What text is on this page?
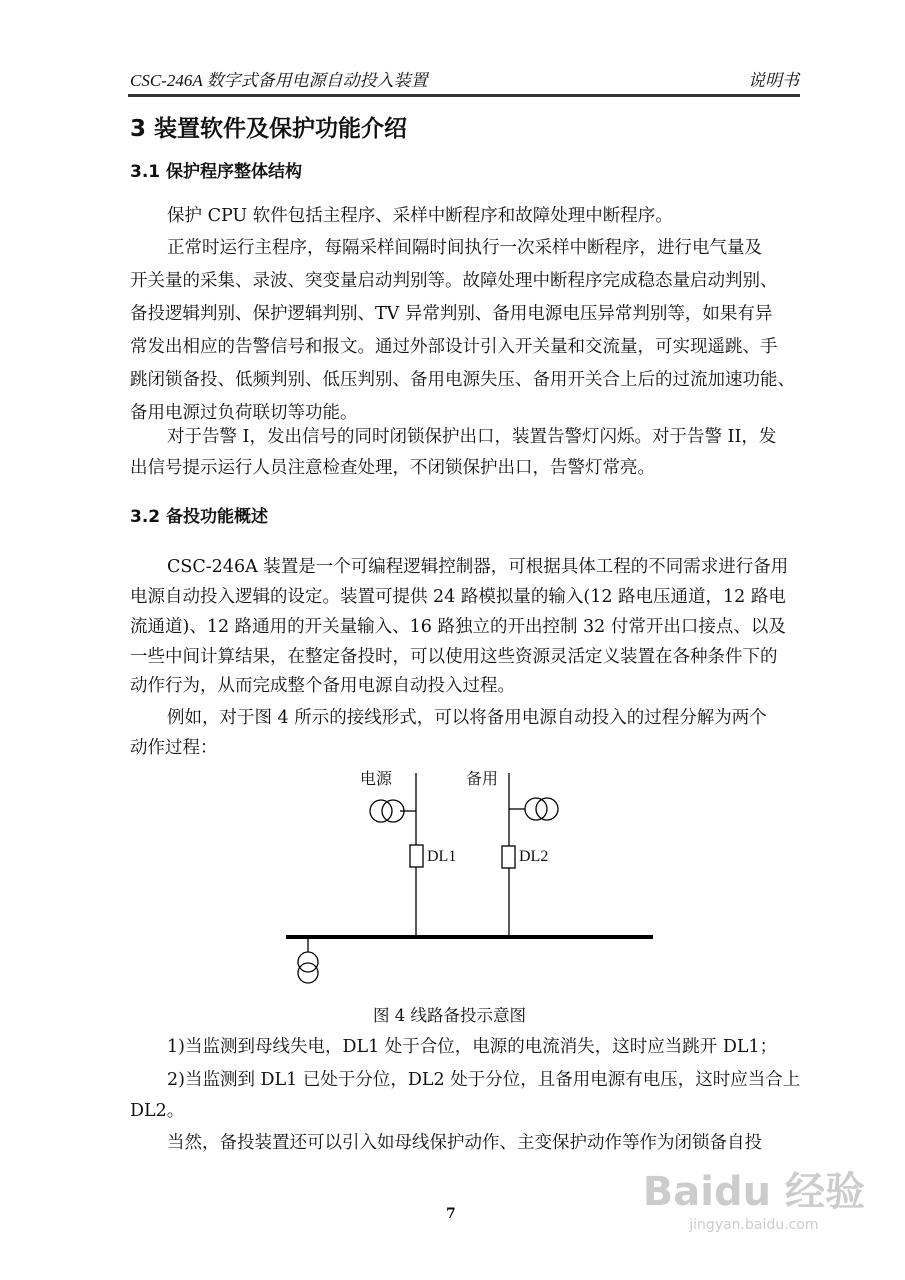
CSC-246A 数字式备用电源自动投入装置	说明书
3 装置软件及保护功能介绍
3.1 保护程序整体结构
保护 CPU 软件包括主程序、采样中断程序和故障处理中断程序。
正常时运行主程序，每隔采样间隔时间执行一次采样中断程序，进行电气量及
开关量的采集、录波、突变量启动判别等。故障处理中断程序完成稳态量启动判别、
备投逻辑判别、保护逻辑判别、TV 异常判别、备用电源电压异常判别等，如果有异
常发出相应的告警信号和报文。通过外部设计引入开关量和交流量，可实现遥跳、手
跳闭锁备投、低频判别、低压判别、备用电源失压、备用开关合上后的过流加速功能、
备用电源过负荷联切等功能。
对于告警 I，发出信号的同时闭锁保护出口，装置告警灯闪烁。对于告警 II，发
出信号提示运行人员注意检查处理，不闭锁保护出口，告警灯常亮。
3.2 备投功能概述
CSC-246A 装置是一个可编程逻辑控制器，可根据具体工程的不同需求进行备用
电源自动投入逻辑的设定。装置可提供 24 路模拟量的输入(12 路电压通道，12 路电
流通道)、12 路通用的开关量输入、16 路独立的开出控制 32 付常开出口接点、以及
一些中间计算结果，在整定备投时，可以使用这些资源灵活定义装置在各种条件下的
动作行为，从而完成整个备用电源自动投入过程。
例如，对于图 4 所示的接线形式，可以将备用电源自动投入的过程分解为两个
动作过程：
电源	备用
DL1	DL2
图 4 线路备投示意图
1)当监测到母线失电，DL1 处于合位，电源的电流消失，这时应当跳开 DL1；
2)当监测到 DL1 已处于分位，DL2 处于分位，且备用电源有电压，这时应当合上
DL2。
当然，备投装置还可以引入如母线保护动作、主变保护动作等作为闭锁备自投
7	Baidu 经验
jingyan.baidu.com
